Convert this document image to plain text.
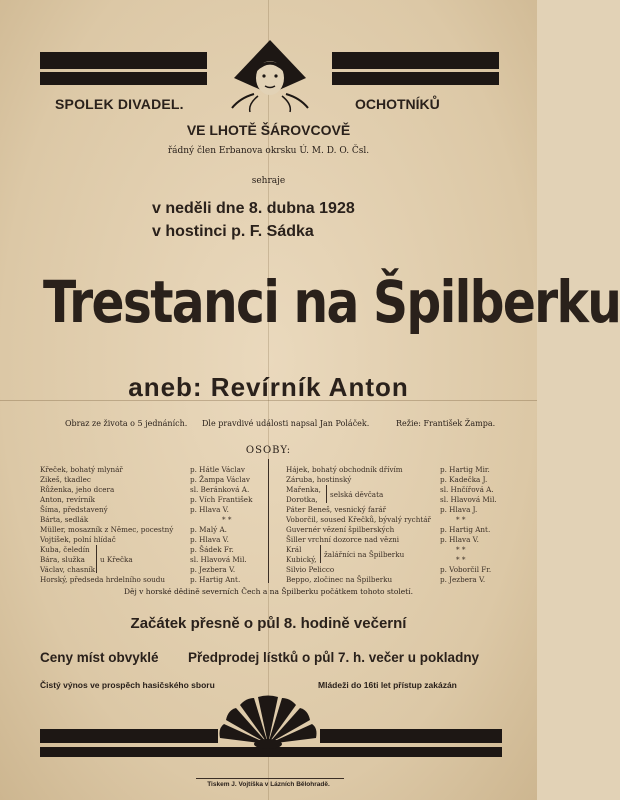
SPOLEK DIVADEL.	OCHOTNÍKŮ
VE LHOTĚ ŠÁROVCOVĚ
řádný člen Erbanova okrsku Ú. M. D. O. Čsl.
sehraje
v neděli dne 8. dubna 1928
v hostinci p. F. Sádka
Trestanci na Špilberku
aneb: Revírník Anton
Obraz ze života o 5 jednáních. Dle pravdivé události napsal Jan Poláček.	Režie: František Žampa.
OSOBY:
Křeček, bohatý mlynář	p. Hátle Václav
Zikeš, tkadlec	p. Žampa Václav
Růženka, jeho dcera	sl. Beránková A.
Anton, revírník	p. Vích František
Šíma, představený	p. Hlava V.
Bárta, sedlák	* *
Müller, mosazník z Němec, pocestný p. Malý A.
Vojtíšek, polní hlídač	p. Hlava V.
Kuba, čeledín	p. Šádek Fr.
Bára, služka	sl. Hlavová Mil.
Václav, chasník	p. Jezbera V.
Horský, předseda hrdelního soudu	p. Hartig Ant.
u Křečka
Hájek, bohatý obchodník dřívím	p. Hartig Mir.
Záruba, hostinský	p. Kadečka J.
Mařenka,	sl. Hnčířová A.
Dorotka,	sl. Hlavová Mil.
selská děvčata
Páter Beneš, vesnický farář	p. Hlava J.
Voborčil, soused Křečků, bývalý rychtář	* *
Guvernér vězení špilberských	p. Hartig Ant.
Šiller vrchní dozorce nad vězni	p. Hlava V.
Král	* *
Kubický,	* *
žalářníci na Špilberku
Silvio Pelicco	p. Voborčil Fr.
Beppo, zločinec na Špilberku	p. Jezbera V.
Děj v horské dědině severních Čech a na Špilberku počátkem tohoto století.
Začátek přesně o půl 8. hodině večerní
Ceny míst obvyklé Předprodej lístků o půl 7. h. večer u pokladny
Čistý výnos ve prospěch hasičského sboru	Mládeži do 16ti let přístup zakázán
Tiskem J. Vojtíška v Lázních Bělohradě.
